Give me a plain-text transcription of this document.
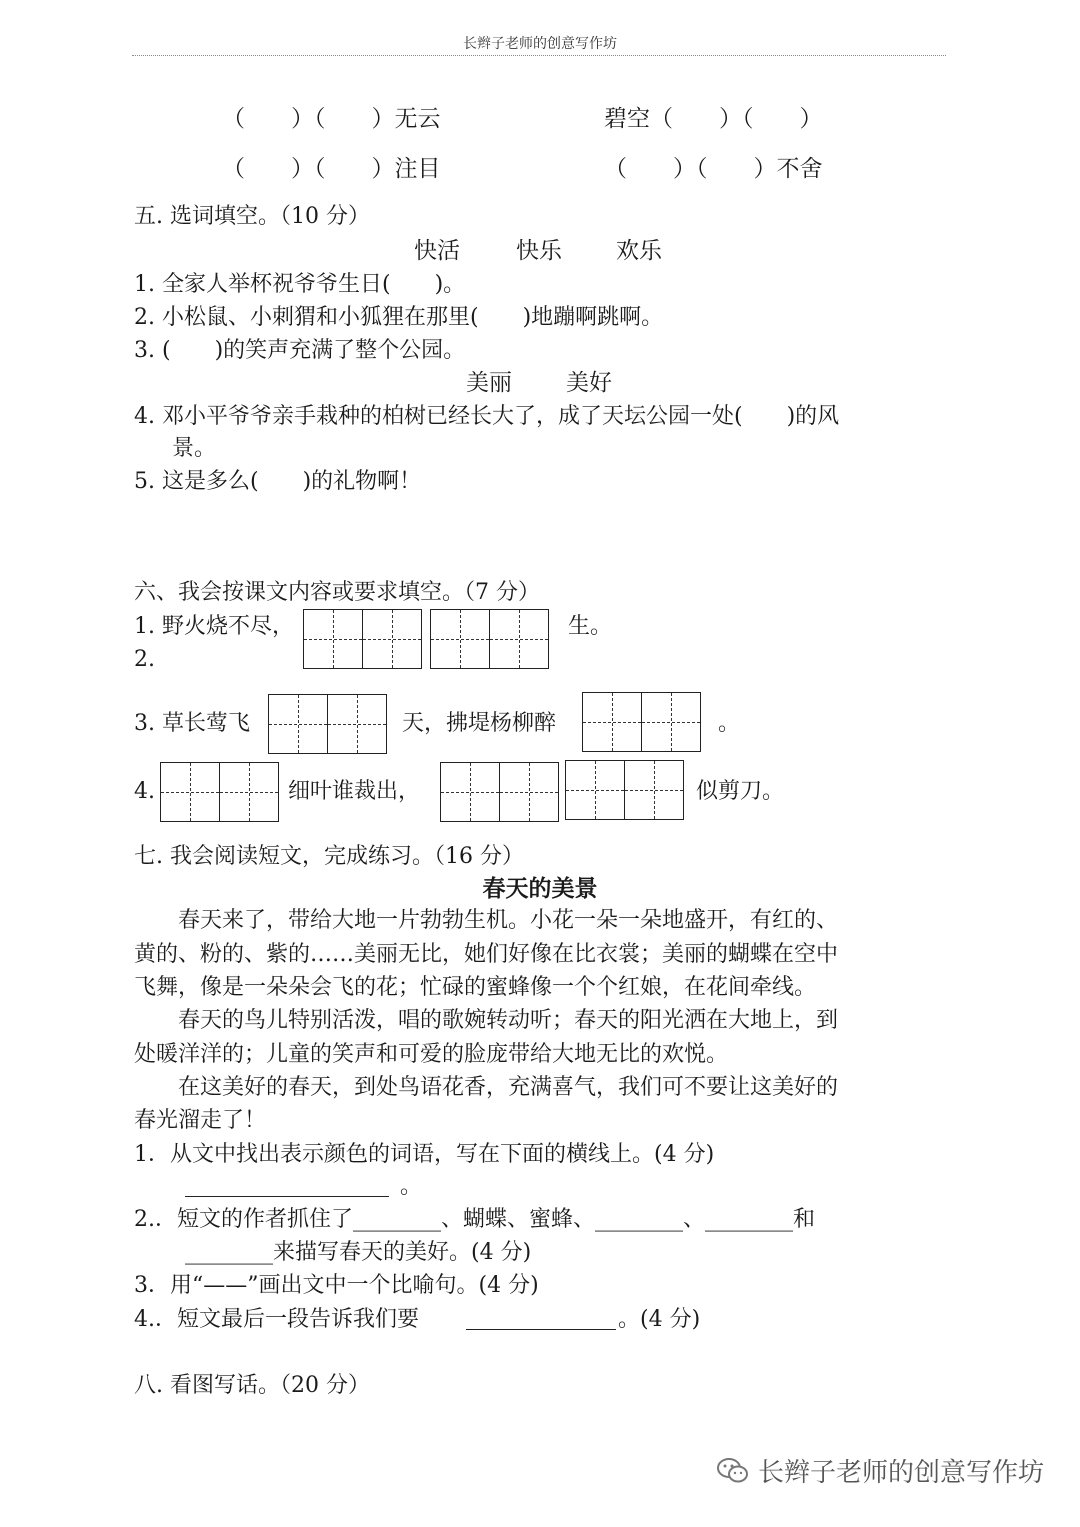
长辫子老师的创意写作坊
（　　）（　　）无云	碧空（　　）（　　）
（　　）（　　）注目	（　　）（　　）不舍
五. 选词填空。（10 分）
快活 快乐 欢乐
1. 全家人举杯祝爷爷生日(　　)。
2. 小松鼠、小刺猬和小狐狸在那里(　　)地蹦啊跳啊。
3. (　　)的笑声充满了整个公园。
美丽 美好
4. 邓小平爷爷亲手栽种的柏树已经长大了，成了天坛公园一处(　　)的风
景。
5. 这是多么(　　)的礼物啊！
六、我会按课文内容或要求填空。（7 分）
1. 野火烧不尽，	生。
2.
3. 草长莺飞	天，拂堤杨柳醉	。
4.	细叶谁裁出，	似剪刀。
七. 我会阅读短文，完成练习。（16 分）
春天的美景
　　春天来了，带给大地一片勃勃生机。小花一朵一朵地盛开，有红的、
黄的、粉的、紫的……美丽无比，她们好像在比衣裳；美丽的蝴蝶在空中
飞舞，像是一朵朵会飞的花；忙碌的蜜蜂像一个个红娘，在花间牵线。
　　春天的鸟儿特别活泼，唱的歌婉转动听；春天的阳光洒在大地上，到
处暖洋洋的；儿童的笑声和可爱的脸庞带给大地无比的欢悦。
　　在这美好的春天，到处鸟语花香，充满喜气，我们可不要让这美好的
春光溜走了！
1．从文中找出表示颜色的词语，写在下面的横线上。(4 分)
。
2.．短文的作者抓住了________、蝴蝶、蜜蜂、________、________和
________来描写春天的美好。(4 分)
3．用“——”画出文中一个比喻句。(4 分)
4.．短文最后一段告诉我们要	。(4 分)
八. 看图写话。（20 分）
长辫子老师的创意写作坊
